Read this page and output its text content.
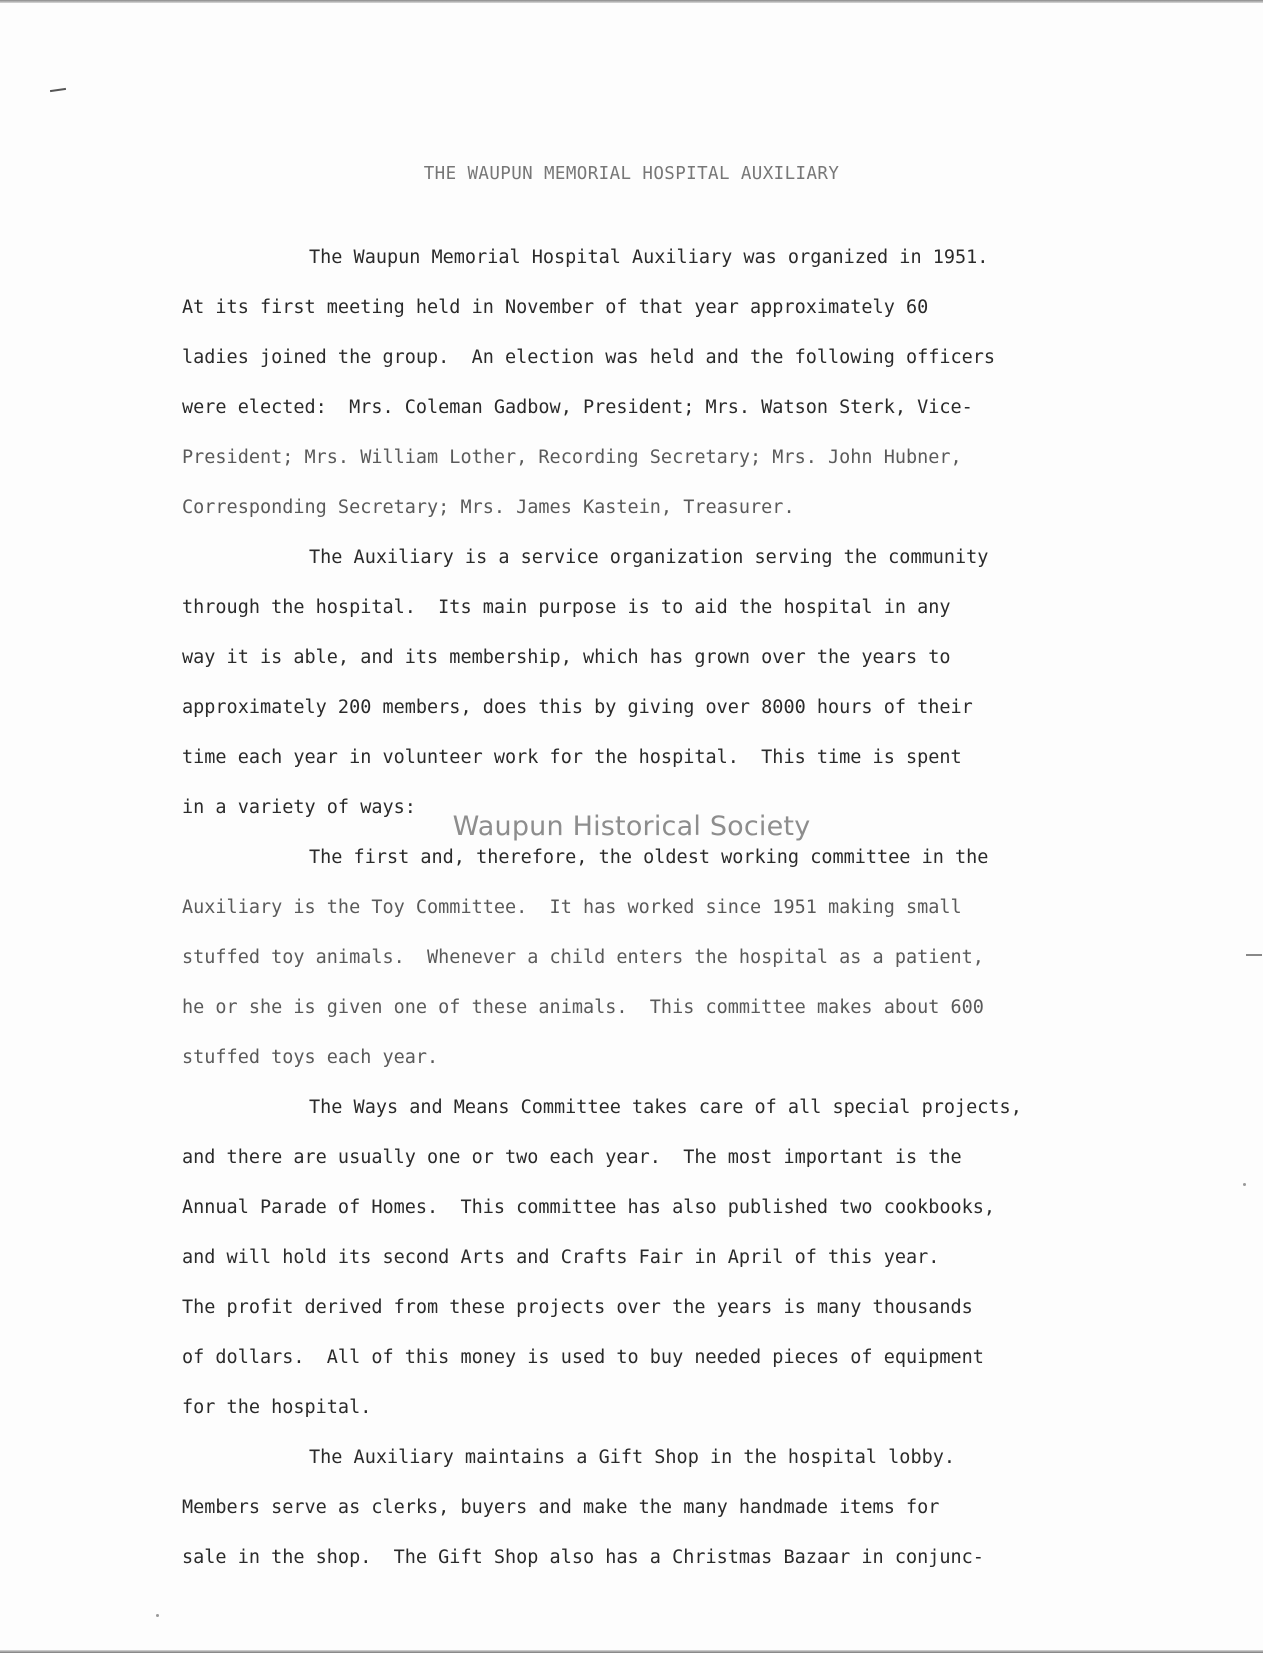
THE WAUPUN MEMORIAL HOSPITAL AUXILIARY
The Waupun Memorial Hospital Auxiliary was organized in 1951.
At its first meeting held in November of that year approximately 60
ladies joined the group.  An election was held and the following officers
were elected:  Mrs. Coleman Gadbow, President; Mrs. Watson Sterk, Vice-
President; Mrs. William Lother, Recording Secretary; Mrs. John Hubner,
Corresponding Secretary; Mrs. James Kastein, Treasurer.
The Auxiliary is a service organization serving the community
through the hospital.  Its main purpose is to aid the hospital in any
way it is able, and its membership, which has grown over the years to
approximately 200 members, does this by giving over 8000 hours of their
time each year in volunteer work for the hospital.  This time is spent
in a variety of ways:
The first and, therefore, the oldest working committee in the
Auxiliary is the Toy Committee.  It has worked since 1951 making small
stuffed toy animals.  Whenever a child enters the hospital as a patient,
he or she is given one of these animals.  This committee makes about 600
stuffed toys each year.
The Ways and Means Committee takes care of all special projects,
and there are usually one or two each year.  The most important is the
Annual Parade of Homes.  This committee has also published two cookbooks,
and will hold its second Arts and Crafts Fair in April of this year.
The profit derived from these projects over the years is many thousands
of dollars.  All of this money is used to buy needed pieces of equipment
for the hospital.
The Auxiliary maintains a Gift Shop in the hospital lobby.
Members serve as clerks, buyers and make the many handmade items for
sale in the shop.  The Gift Shop also has a Christmas Bazaar in conjunc-
Waupun Historical Society
